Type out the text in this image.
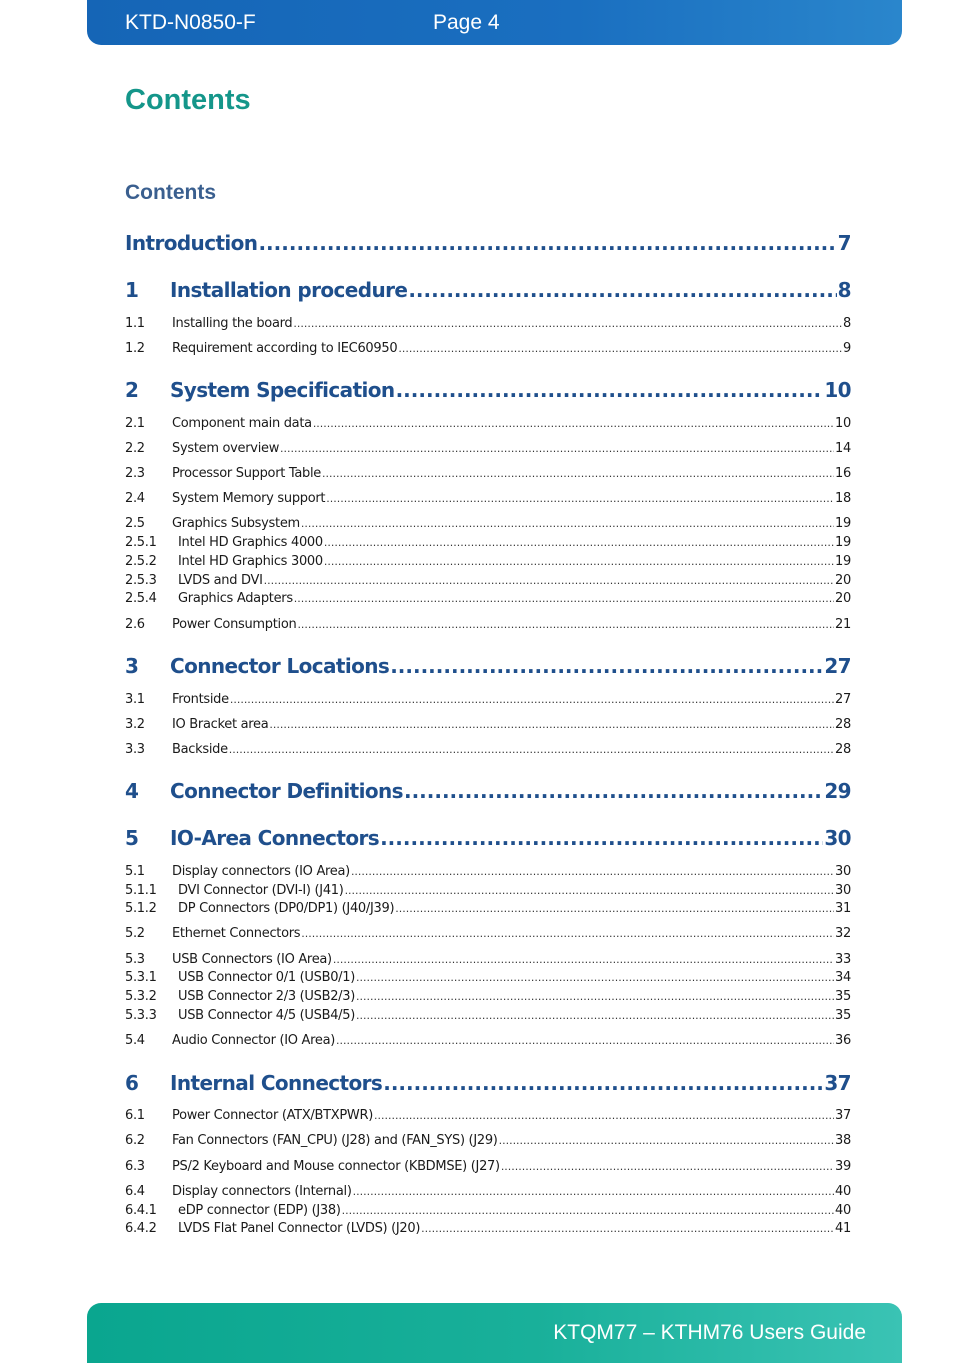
KTD-N0850-F	Page 4
Contents
Contents
Introduction .....	7
1	Installation procedure .....	8
1.1	Installing the board .....	8
1.2	Requirement according to IEC60950 .....	9
2	System Specification .....	10
2.1	Component main data .....	10
2.2	System overview .....	14
2.3	Processor Support Table .....	16
2.4	System Memory support .....	18
2.5	Graphics Subsystem .....	19
2.5.1	Intel HD Graphics 4000 .....	19
2.5.2	Intel HD Graphics 3000 .....	19
2.5.3	LVDS and DVI .....	20
2.5.4	Graphics Adapters .....	20
2.6	Power Consumption .....	21
3	Connector Locations .....	27
3.1	Frontside .....	27
3.2	IO Bracket area .....	28
3.3	Backside .....	28
4	Connector Definitions .....	29
5	IO-Area Connectors .....	30
5.1	Display connectors (IO Area) .....	30
5.1.1	DVI Connector (DVI-I) (J41) .....	30
5.1.2	DP Connectors (DP0/DP1) (J40/J39) .....	31
5.2	Ethernet Connectors .....	32
5.3	USB Connectors (IO Area) .....	33
5.3.1	USB Connector 0/1 (USB0/1) .....	34
5.3.2	USB Connector 2/3 (USB2/3) .....	35
5.3.3	USB Connector 4/5 (USB4/5) .....	35
5.4	Audio Connector (IO Area) .....	36
6	Internal Connectors .....	37
6.1	Power Connector (ATX/BTXPWR) .....	37
6.2	Fan Connectors (FAN_CPU) (J28) and (FAN_SYS) (J29) .....	38
6.3	PS/2 Keyboard and Mouse connector (KBDMSE) (J27) .....	39
6.4	Display connectors (Internal) .....	40
6.4.1	eDP connector (EDP) (J38) .....	40
6.4.2	LVDS Flat Panel Connector (LVDS) (J20) .....	41
KTQM77 – KTHM76 Users Guide
